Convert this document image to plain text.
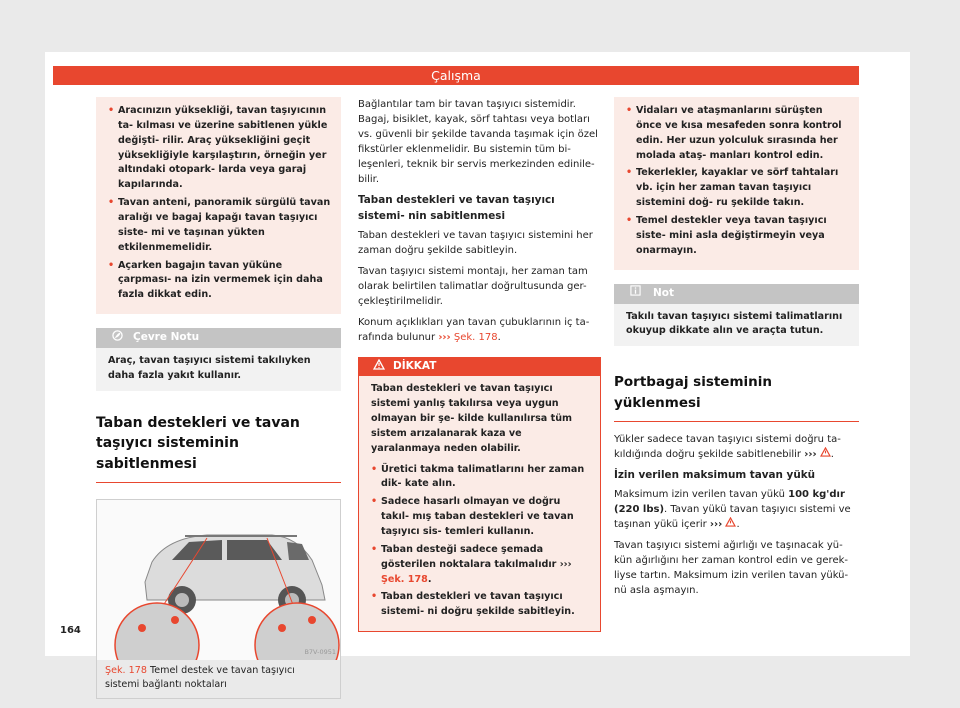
Çalışma
• Aracınızın yüksekliği, tavan taşıyıcının ta- kılması ve üzerine sabitlenen yükle değişti- rilir. Araç yüksekliğini geçit yüksekliğiyle karşılaştırın, örneğin yer altındaki otopark- larda veya garaj kapılarında.
• Tavan anteni, panoramik sürgülü tavan aralığı ve bagaj kapağı tavan taşıyıcı siste- mi ve taşınan yükten etkilenmemelidir.
• Açarken bagajın tavan yüküne çarpması- na izin vermemek için daha fazla dikkat edin.
Çevre Notu
Araç, tavan taşıyıcı sistemi takılıyken daha fazla yakıt kullanır.
Taban destekleri ve tavan taşıyıcı sisteminin sabitlenmesi
B7V-0951
Şek. 178 Temel destek ve tavan taşıyıcı sistemi bağlantı noktaları

Bağlantılar tam bir tavan taşıyıcı sistemidir. Bagaj, bisiklet, kayak, sörf tahtası veya botları vs. güvenli bir şekilde tavanda taşımak için özel fikstürler eklenmelidir. Bu sistemin tüm bi- leşenleri, teknik bir servis merkezinden edinile- bilir.

Taban destekleri ve tavan taşıyıcı sistemi- nin sabitlenmesi

Taban destekleri ve tavan taşıyıcı sistemini her zaman doğru şekilde sabitleyin.

Tavan taşıyıcı sistemi montajı, her zaman tam olarak belirtilen talimatlar doğrultusunda ger- çekleştirilmelidir.

Konum açıklıkları yan tavan çubuklarının iç ta- rafında bulunur ››› Şek. 178.

DİKKAT

Taban destekleri ve tavan taşıyıcı sistemi yanlış takılırsa veya uygun olmayan bir şe- kilde kullanılırsa tüm sistem arızalanarak kaza ve yaralanmaya neden olabilir.

• Üretici takma talimatlarını her zaman dik- kate alın.
• Sadece hasarlı olmayan ve doğru takıl- mış taban destekleri ve tavan taşıyıcı sis- temleri kullanın.
• Taban desteği sadece şemada gösterilen noktalara takılmalıdır ››› Şek. 178.
• Taban destekleri ve tavan taşıyıcı sistemi- ni doğru şekilde sabitleyin.
• Vidaları ve ataşmanlarını sürüşten önce ve kısa mesafeden sonra kontrol edin. Her uzun yolculuk sırasında her molada ataş- manları kontrol edin.
• Tekerlekler, kayaklar ve sörf tahtaları vb. için her zaman tavan taşıyıcı sistemini doğ- ru şekilde takın.
• Temel destekler veya tavan taşıyıcı siste- mini asla değiştirmeyin veya onarmayın.
Not
Takılı tavan taşıyıcı sistemi talimatlarını okuyup dikkate alın ve araçta tutun.
Portbagaj sisteminin yüklenmesi

Yükler sadece tavan taşıyıcı sistemi doğru ta- kıldığında doğru şekilde sabitlenebilir ››› .

İzin verilen maksimum tavan yükü

Maksimum izin verilen tavan yükü 100 kg'dır (220 lbs). Tavan yükü tavan taşıyıcı sistemi ve taşınan yükü içerir ››› .

Tavan taşıyıcı sistemi ağırlığı ve taşınacak yü- kün ağırlığını her zaman kontrol edin ve gerek- liyse tartın. Maksimum izin verilen tavan yükü- nü asla aşmayın.

164
